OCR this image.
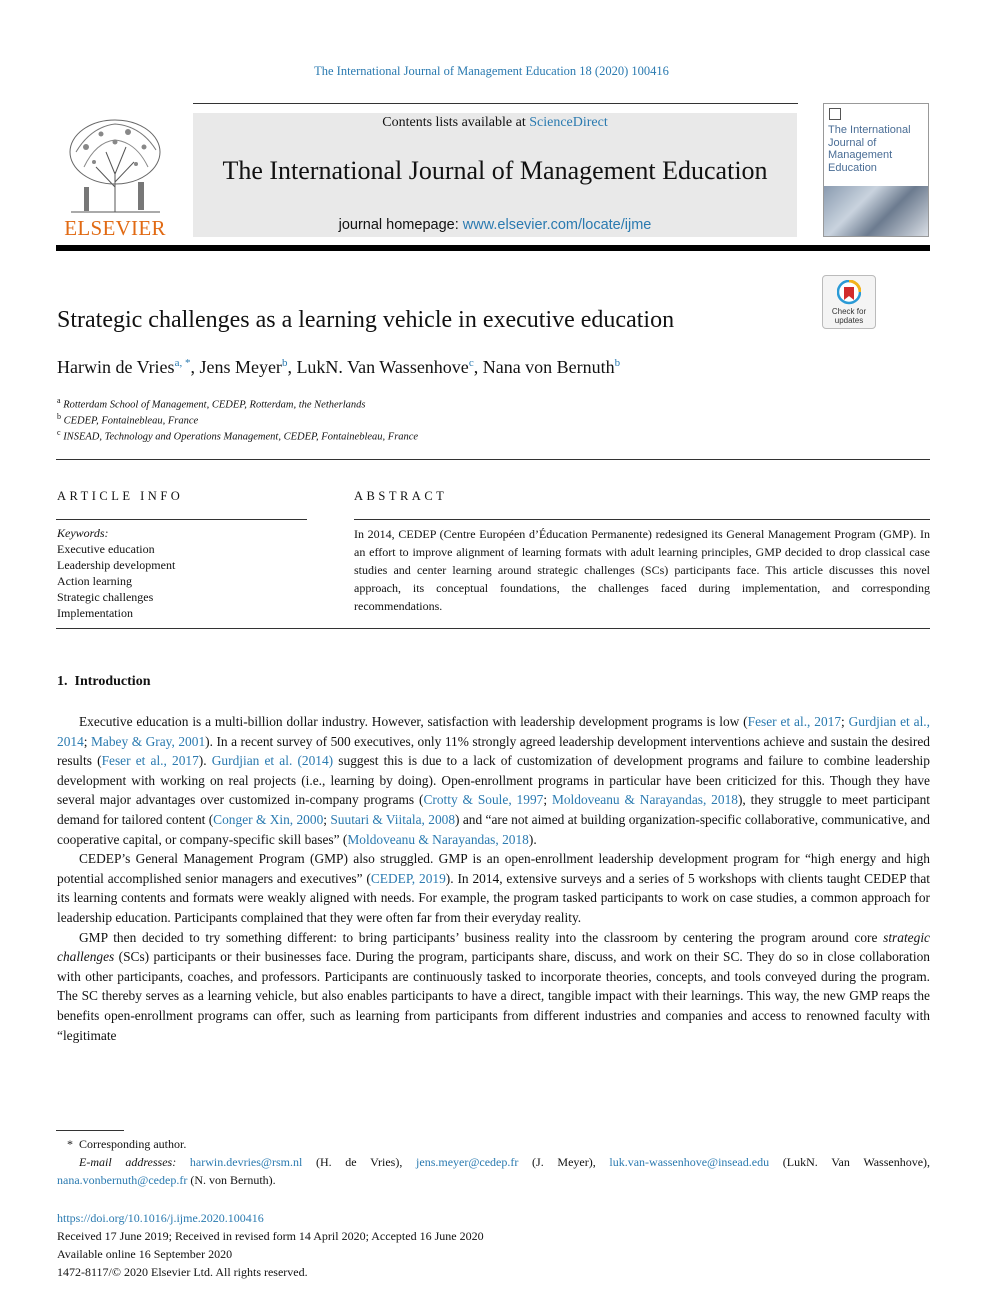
The International Journal of Management Education 18 (2020) 100416
ELSEVIER
Contents lists available at ScienceDirect
The International Journal of Management Education
journal homepage: www.elsevier.com/locate/ijme
The International
Journal of
Management
Education
Check for updates
Strategic challenges as a learning vehicle in executive education
Harwin de Vries$^{a, *}$, Jens Meyer$^b$, LukN. Van Wassenhove$^c$, Nana von Bernuth$^b$
$^a$ Rotterdam School of Management, CEDEP, Rotterdam, the Netherlands
$^b$ CEDEP, Fontainebleau, France
$^c$ INSEAD, Technology and Operations Management, CEDEP, Fontainebleau, France
ARTICLE INFO	ABSTRACT
Keywords:
Executive education
Leadership development
Action learning
Strategic challenges
Implementation
In 2014, CEDEP (Centre Européen d’Éducation Permanente) redesigned its General Management Program (GMP). In an effort to improve alignment of learning formats with adult learning principles, GMP decided to drop classical case studies and center learning around strategic challenges (SCs) participants face. This article discusses this novel approach, its conceptual foundations, the challenges faced during implementation, and corresponding recommendations.
1. Introduction

Executive education is a multi-billion dollar industry. However, satisfaction with leadership development programs is low (Feser et al., 2017; Gurdjian et al., 2014; Mabey & Gray, 2001). In a recent survey of 500 executives, only 11% strongly agreed leadership development interventions achieve and sustain the desired results (Feser et al., 2017). Gurdjian et al. (2014) suggest this is due to a lack of customization of development programs and failure to combine leadership development with working on real projects (i.e., learning by doing). Open-enrollment programs in particular have been criticized for this. Though they have several major advantages over customized in-company programs (Crotty & Soule, 1997; Moldoveanu & Narayandas, 2018), they struggle to meet participant demand for tailored content (Conger & Xin, 2000; Suutari & Viitala, 2008) and “are not aimed at building organization-specific collaborative, communicative, and cooperative capital, or company-specific skill bases” (Moldoveanu & Narayandas, 2018).

CEDEP’s General Management Program (GMP) also struggled. GMP is an open-enrollment leadership development program for “high energy and high potential accomplished senior managers and executives” (CEDEP, 2019). In 2014, extensive surveys and a series of 5 workshops with clients taught CEDEP that its learning contents and formats were weakly aligned with needs. For example, the program tasked participants to work on case studies, a common approach for leadership education. Participants complained that they were often far from their everyday reality.

GMP then decided to try something different: to bring participants’ business reality into the classroom by centering the program around core strategic challenges (SCs) participants or their businesses face. During the program, participants share, discuss, and work on their SC. They do so in close collaboration with other participants, coaches, and professors. Participants are continuously tasked to incorporate theories, concepts, and tools conveyed during the program. The SC thereby serves as a learning vehicle, but also enables participants to have a direct, tangible impact with their learnings. This way, the new GMP reaps the benefits open-enrollment programs can offer, such as learning from participants from different industries and companies and access to renowned faculty with “legitimate

* Corresponding author.

E-mail addresses: harwin.devries@rsm.nl (H. de Vries), jens.meyer@cedep.fr (J. Meyer), luk.van-wassenhove@insead.edu (LukN. Van Wassenhove), nana.vonbernuth@cedep.fr (N. von Bernuth).

https://doi.org/10.1016/j.ijme.2020.100416
Received 17 June 2019; Received in revised form 14 April 2020; Accepted 16 June 2020
Available online 16 September 2020
1472-8117/© 2020 Elsevier Ltd. All rights reserved.
